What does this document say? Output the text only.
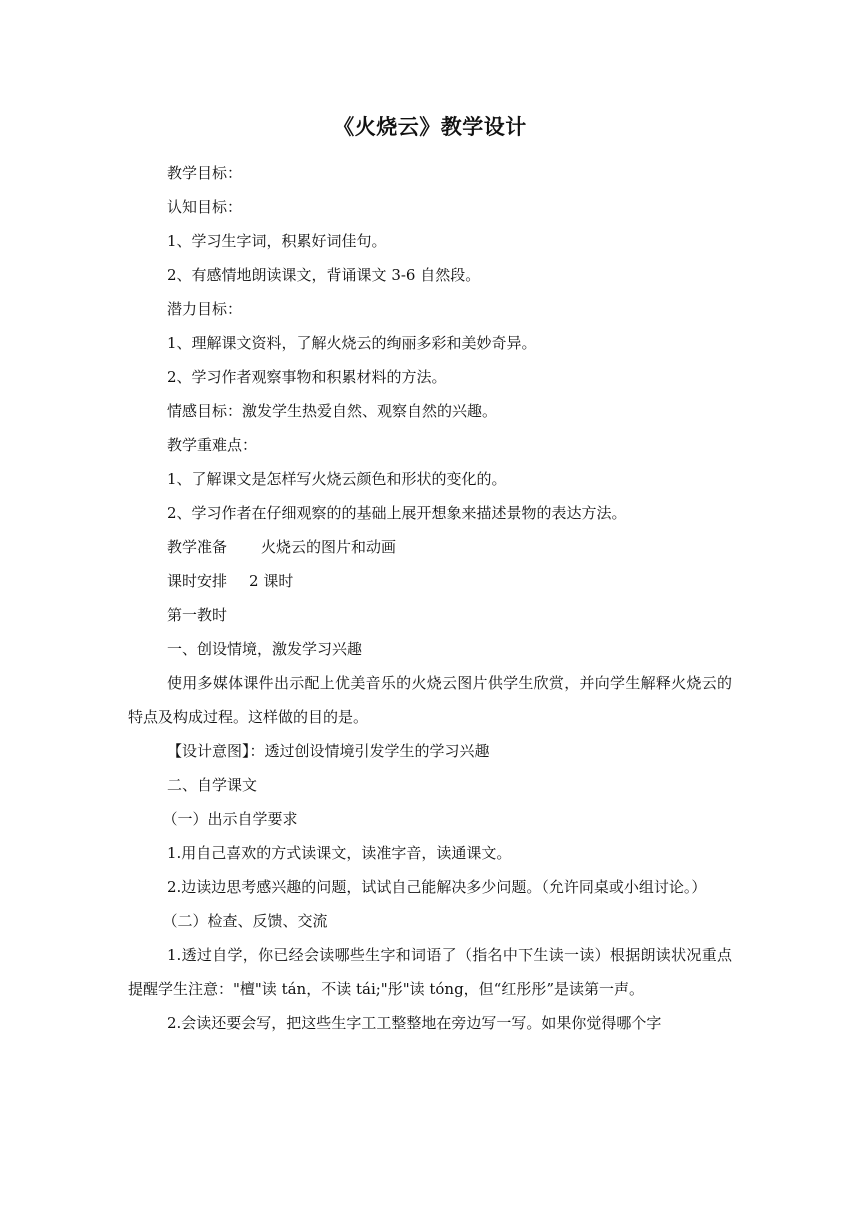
《火烧云》教学设计
教学目标：
认知目标：
1、学习生字词，积累好词佳句。
2、有感情地朗读课文，背诵课文 3-6 自然段。
潜力目标：
1、理解课文资料，了解火烧云的绚丽多彩和美妙奇异。
2、学习作者观察事物和积累材料的方法。
情感目标：激发学生热爱自然、观察自然的兴趣。
教学重难点：
1、了解课文是怎样写火烧云颜色和形状的变化的。
2、学习作者在仔细观察的的基础上展开想象来描述景物的表达方法。
教学准备 火烧云的图片和动画
课时安排 2 课时
第一教时
一、创设情境，激发学习兴趣
使用多媒体课件出示配上优美音乐的火烧云图片供学生欣赏，并向学生解释火烧云的特点及构成过程。这样做的目的是。
【设计意图】：透过创设情境引发学生的学习兴趣
二、自学课文
（一）出示自学要求
1.用自己喜欢的方式读课文，读准字音，读通课文。
2.边读边思考感兴趣的问题，试试自己能解决多少问题。（允许同桌或小组讨论。）
（二）检查、反馈、交流
1.透过自学，你已经会读哪些生字和词语了（指名中下生读一读）根据朗读状况重点提醒学生注意："檀"读 tán，不读 tái;"彤"读 tóng，但“红彤彤”是读第一声。
2.会读还要会写，把这些生字工工整整地在旁边写一写。如果你觉得哪个字
